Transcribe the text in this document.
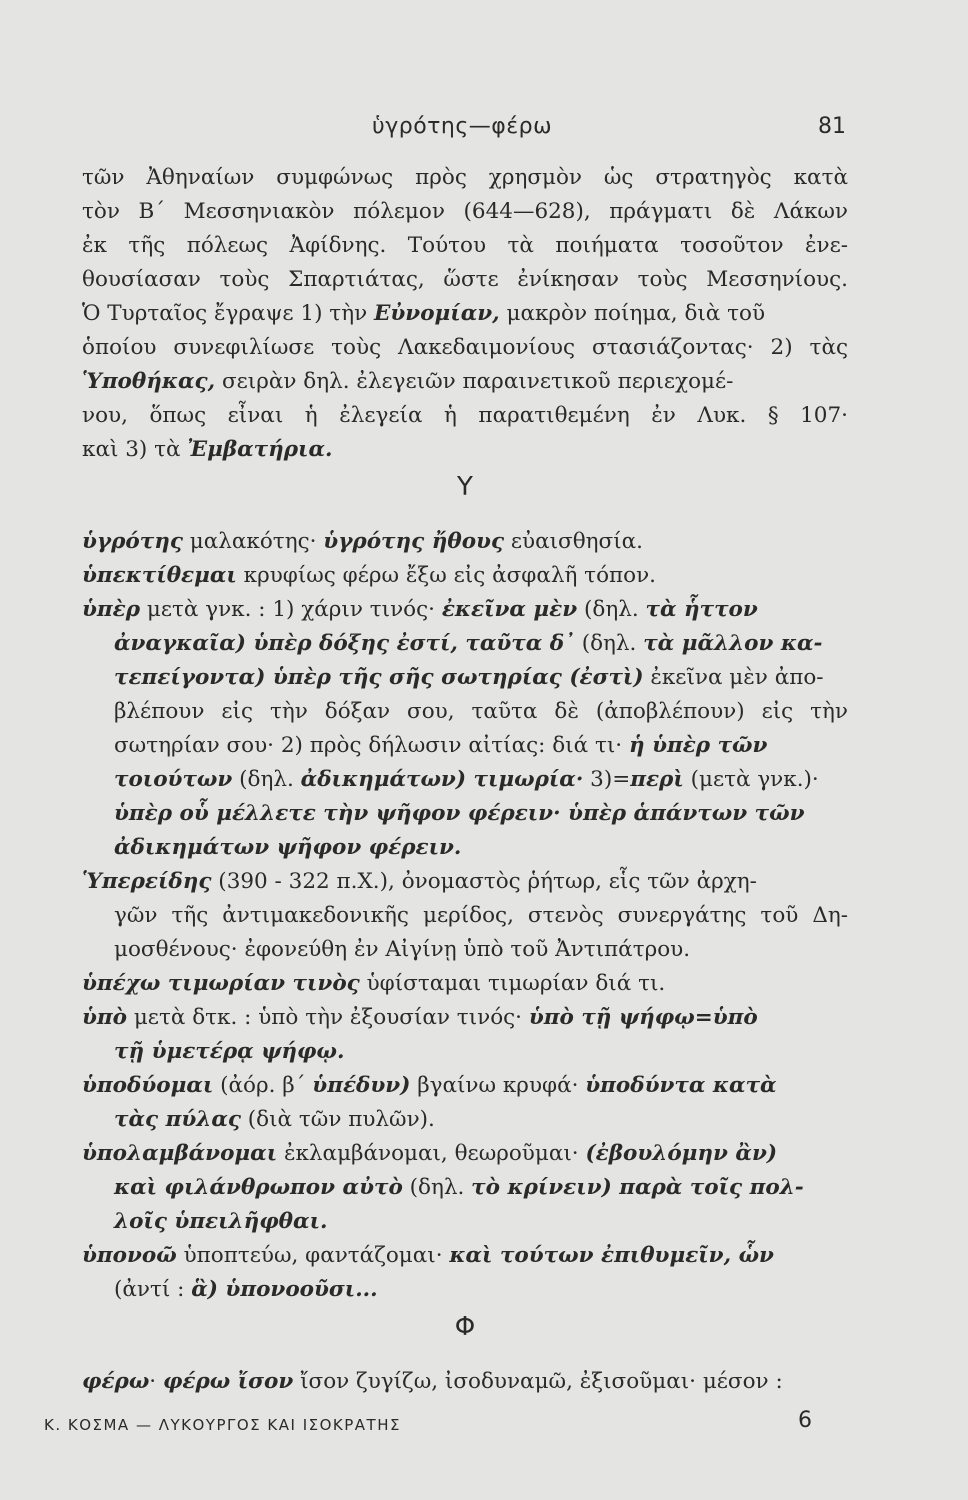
ὑγρότης—φέρω	81
τῶν Ἀθηναίων συμφώνως πρὸς χρησμὸν ὡς στρατηγὸς κατὰ
τὸν Β΄ Μεσσηνιακὸν πόλεμον (644—628), πράγματι δὲ Λάκων
ἐκ τῆς πόλεως Ἀφίδνης. Τούτου τὰ ποιήματα τοσοῦτον ἐνε-
θουσίασαν τοὺς Σπαρτιάτας, ὥστε ἐνίκησαν τοὺς Μεσσηνίους.
Ὁ Τυρταῖος ἔγραψε 1) τὴν Εὐνομίαν, μακρὸν ποίημα, διὰ τοῦ
ὁποίου συνεφιλίωσε τοὺς Λακεδαιμονίους στασιάζοντας· 2) τὰς
Ὑποθήκας, σειρὰν δηλ. ἐλεγειῶν παραινετικοῦ περιεχομέ-
νου, ὅπως εἶναι ἡ ἐλεγεία ἡ παρατιθεμένη ἐν Λυκ. § 107·
καὶ 3) τὰ Ἐμβατήρια.
Υ
ὑγρότης μαλακότης· ὑγρότης ἤθους εὐαισθησία.
ὑπεκτίθεμαι κρυφίως φέρω ἔξω εἰς ἀσφαλῆ τόπον.
ὑπὲρ μετὰ γνκ. : 1) χάριν τινός· ἐκεῖνα μὲν (δηλ. τὰ ἧττον
ἀναγκαῖα) ὑπὲρ δόξης ἐστί, ταῦτα δ᾽ (δηλ. τὰ μᾶλλον κα-
τεπείγοντα) ὑπὲρ τῆς σῆς σωτηρίας (ἐστὶ) ἐκεῖνα μὲν ἀπο-
βλέπουν εἰς τὴν δόξαν σου, ταῦτα δὲ (ἀποβλέπουν) εἰς τὴν
σωτηρίαν σου· 2) πρὸς δήλωσιν αἰτίας: διά τι· ἡ ὑπὲρ τῶν
τοιούτων (δηλ. ἀδικημάτων) τιμωρία· 3)=περὶ (μετὰ γνκ.)·
ὑπὲρ οὗ μέλλετε τὴν ψῆφον φέρειν· ὑπὲρ ἁπάντων τῶν
ἀδικημάτων ψῆφον φέρειν.
Ὑπερείδης (390 - 322 π.Χ.), ὀνομαστὸς ῥήτωρ, εἷς τῶν ἀρχη-
γῶν τῆς ἀντιμακεδονικῆς μερίδος, στενὸς συνεργάτης τοῦ Δη-
μοσθένους· ἐφονεύθη ἐν Αἰγίνῃ ὑπὸ τοῦ Ἀντιπάτρου.
ὑπέχω τιμωρίαν τινὸς ὑφίσταμαι τιμωρίαν διά τι.
ὑπὸ μετὰ δτκ. : ὑπὸ τὴν ἐξουσίαν τινός· ὑπὸ τῇ ψήφῳ=ὑπὸ
τῇ ὑμετέρᾳ ψήφῳ.
ὑποδύομαι (ἀόρ. β΄ ὑπέδυν) βγαίνω κρυφά· ὑποδύντα κατὰ
τὰς πύλας (διὰ τῶν πυλῶν).
ὑπολαμβάνομαι ἐκλαμβάνομαι, θεωροῦμαι· (ἐβουλόμην ἂν)
καὶ φιλάνθρωπον αὐτὸ (δηλ. τὸ κρίνειν) παρὰ τοῖς πολ-
λοῖς ὑπειλῆφθαι.
ὑπονοῶ ὑποπτεύω, φαντάζομαι· καὶ τούτων ἐπιθυμεῖν, ὧν
(ἀντί : ἃ) ὑπονοοῦσι...
Φ
φέρω· φέρω ἴσον ἴσον ζυγίζω, ἰσοδυναμῶ, ἐξισοῦμαι· μέσον :
Κ. ΚΟΣΜΑ — ΛΥΚΟΥΡΓΟΣ ΚΑΙ ΙΣΟΚΡΑΤΗΣ	6
